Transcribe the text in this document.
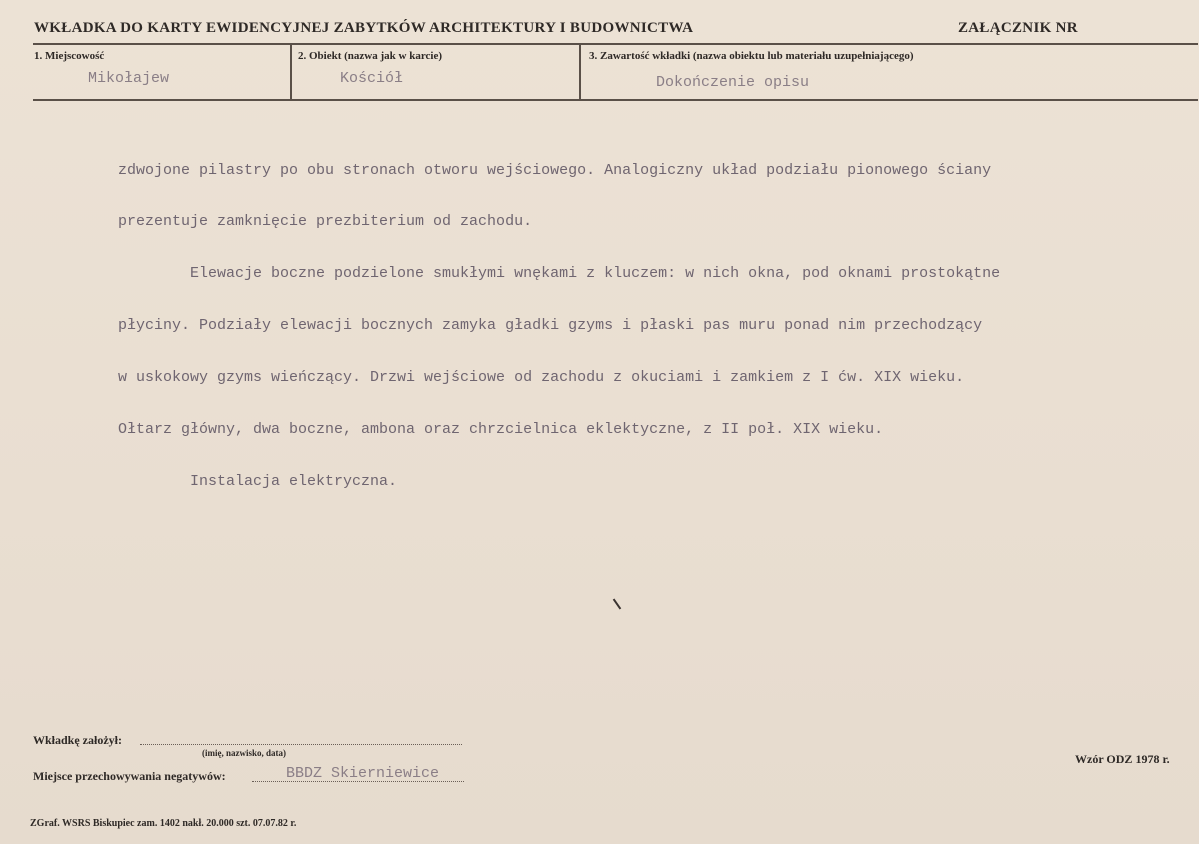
WKŁADKA DO KARTY EWIDENCYJNEJ ZABYTKÓW ARCHITEKTURY I BUDOWNICTWA	ZAŁĄCZNIK NR
1. Miejscowość
Mikołajew
2. Obiekt (nazwa jak w karcie)
Kościół
3. Zawartość wkładki (nazwa obiektu lub materiału uzupełniającego)
Dokończenie opisu

zdwojone pilastry po obu stronach otworu wejściowego. Analogiczny układ podziału pionowego ściany

prezentuje zamknięcie prezbiterium od zachodu.

Elewacje boczne podzielone smukłymi wnękami z kluczem: w nich okna, pod oknami prostokątne

płyciny. Podziały elewacji bocznych zamyka gładki gzyms i płaski pas muru ponad nim przechodzący

w uskokowy gzyms wieńczący. Drzwi wejściowe od zachodu z okuciami i zamkiem z I ćw. XIX wieku.

Ołtarz główny, dwa boczne, ambona oraz chrzcielnica eklektyczne, z II poł. XIX wieku.

Instalacja elektryczna.

Wkładkę założył:
(imię, nazwisko, data)
Miejsce przechowywania negatywów:	BBDZ Skierniewice
Wzór ODZ 1978 r.
ZGraf. WSRS Biskupiec zam. 1402 nakł. 20.000 szt. 07.07.82 r.
